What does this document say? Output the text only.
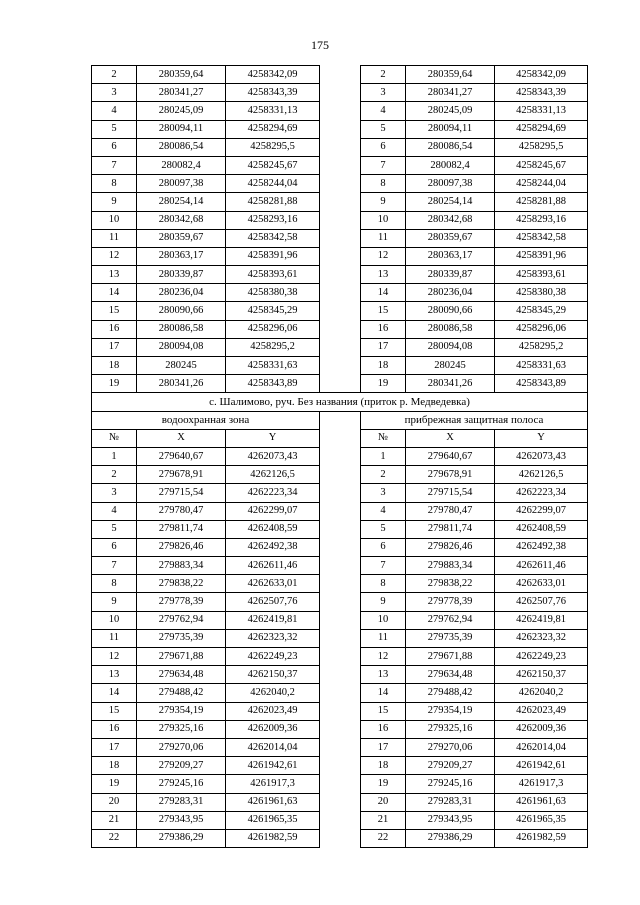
175
2	280359,64	4258342,09		2	280359,64	4258342,09
3	280341,27	4258343,39		3	280341,27	4258343,39
4	280245,09	4258331,13		4	280245,09	4258331,13
5	280094,11	4258294,69		5	280094,11	4258294,69
6	280086,54	4258295,5		6	280086,54	4258295,5
7	280082,4	4258245,67		7	280082,4	4258245,67
8	280097,38	4258244,04		8	280097,38	4258244,04
9	280254,14	4258281,88		9	280254,14	4258281,88
10	280342,68	4258293,16		10	280342,68	4258293,16
11	280359,67	4258342,58		11	280359,67	4258342,58
12	280363,17	4258391,96		12	280363,17	4258391,96
13	280339,87	4258393,61		13	280339,87	4258393,61
14	280236,04	4258380,38		14	280236,04	4258380,38
15	280090,66	4258345,29		15	280090,66	4258345,29
16	280086,58	4258296,06		16	280086,58	4258296,06
17	280094,08	4258295,2		17	280094,08	4258295,2
18	280245	4258331,63		18	280245	4258331,63
19	280341,26	4258343,89		19	280341,26	4258343,89
с. Шалимово, руч. Без названия (приток р. Медведевка)						
водоохранная зона				прибрежная защитная полоса		
№	X	Y		№	X	Y
1	279640,67	4262073,43		1	279640,67	4262073,43
2	279678,91	4262126,5		2	279678,91	4262126,5
3	279715,54	4262223,34		3	279715,54	4262223,34
4	279780,47	4262299,07		4	279780,47	4262299,07
5	279811,74	4262408,59		5	279811,74	4262408,59
6	279826,46	4262492,38		6	279826,46	4262492,38
7	279883,34	4262611,46		7	279883,34	4262611,46
8	279838,22	4262633,01		8	279838,22	4262633,01
9	279778,39	4262507,76		9	279778,39	4262507,76
10	279762,94	4262419,81		10	279762,94	4262419,81
11	279735,39	4262323,32		11	279735,39	4262323,32
12	279671,88	4262249,23		12	279671,88	4262249,23
13	279634,48	4262150,37		13	279634,48	4262150,37
14	279488,42	4262040,2		14	279488,42	4262040,2
15	279354,19	4262023,49		15	279354,19	4262023,49
16	279325,16	4262009,36		16	279325,16	4262009,36
17	279270,06	4262014,04		17	279270,06	4262014,04
18	279209,27	4261942,61		18	279209,27	4261942,61
19	279245,16	4261917,3		19	279245,16	4261917,3
20	279283,31	4261961,63		20	279283,31	4261961,63
21	279343,95	4261965,35		21	279343,95	4261965,35
22	279386,29	4261982,59		22	279386,29	4261982,59
